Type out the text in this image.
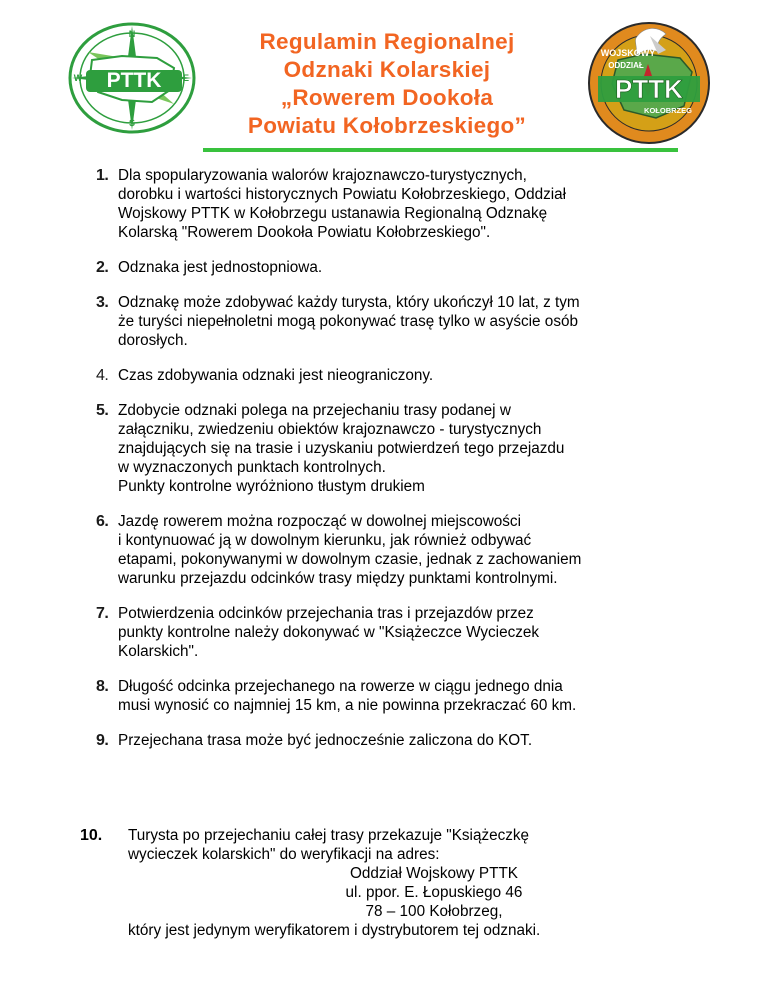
PTTK
N
E
S
W
Regulamin Regionalnej
Odznaki Kolarskiej
„Rowerem Dookoła
Powiatu Kołobrzeskiego”
PTTK
WOJSKOWY
ODDZIAŁ
KOŁOBRZEG
1. Dla spopularyzowania walorów krajoznawczo-turystycznych,
dorobku i wartości historycznych Powiatu Kołobrzeskiego, Oddział
Wojskowy PTTK w Kołobrzegu ustanawia Regionalną Odznakę
Kolarską "Rowerem Dookoła Powiatu Kołobrzeskiego".
2. Odznaka jest jednostopniowa.
3. Odznakę może zdobywać każdy turysta, który ukończył 10 lat, z tym
że turyści niepełnoletni mogą pokonywać trasę tylko w asyście osób
dorosłych.
4. Czas zdobywania odznaki jest nieograniczony.
5. Zdobycie odznaki polega na przejechaniu trasy podanej w
załączniku, zwiedzeniu obiektów krajoznawczo - turystycznych
znajdujących się na trasie i uzyskaniu potwierdzeń tego przejazdu
w wyznaczonych punktach kontrolnych.
Punkty kontrolne wyróżniono tłustym drukiem
6. Jazdę rowerem można rozpocząć w dowolnej miejscowości
i kontynuować ją w dowolnym kierunku, jak również odbywać
etapami, pokonywanymi w dowolnym czasie, jednak z zachowaniem
warunku przejazdu odcinków trasy między punktami kontrolnymi.
7. Potwierdzenia odcinków przejechania tras i przejazdów przez
punkty kontrolne należy dokonywać w "Książeczce Wycieczek
Kolarskich".
8. Długość odcinka przejechanego na rowerze w ciągu jednego dnia
musi wynosić co najmniej 15 km, a nie powinna przekraczać 60 km.
9. Przejechana trasa może być jednocześnie zaliczona do KOT.
10.	Turysta po przejechaniu całej trasy przekazuje "Książeczkę
wycieczek kolarskich" do weryfikacji na adres:
Oddział Wojskowy PTTK
ul. ppor. E. Łopuskiego 46
78 – 100 Kołobrzeg,
który jest jedynym weryfikatorem i dystrybutorem tej odznaki.
